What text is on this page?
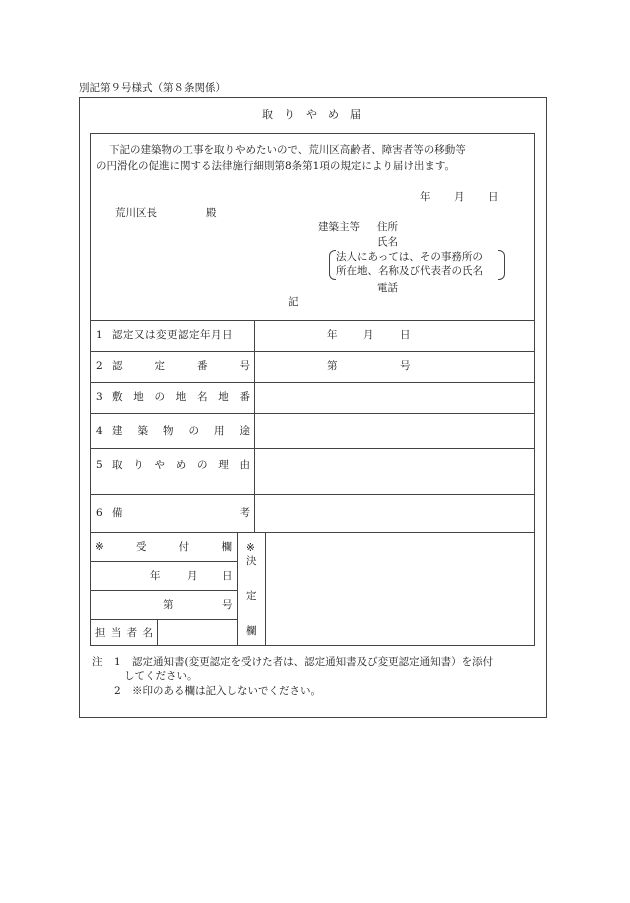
別記第９号様式（第８条関係）
取　り　や　め　届
下記の建築物の工事を取りやめたいので、荒川区高齢者、障害者等の移動等
の円滑化の促進に関する法律施行細則第8条第1項の規定により届け出ます。
年 月 日
荒川区長	殿
建築主等 住所
氏名
法人にあっては、その事務所の
所在地、名称及び代表者の氏名
電話
記
1 認定又は変更認定年月日	年 月	日
2 認	定	番	号	第	号
3 敷 地 の 地 名 地 番
4 建 築 物 の 用 途
5 取 り や め の 理 由
6 備	考
※	受	付	欄
年	月 日
第	号
担 当 者 名
※
決
定
欄
注 1 認定通知書(変更認定を受けた者は、認定通知書及び変更認定通知書）を添付
してください。
2 ※印のある欄は記入しないでください。
